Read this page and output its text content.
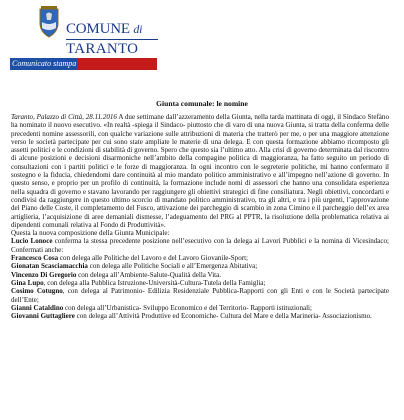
COMUNE di
TARANTO
Comunicato stampa
Giunta comunale: le nomine

Taranto, Palazzo di Città, 28.11.2016 A due settimane dall’azzeramento della Giunta, nella tarda mattinata di oggi, il Sindaco Stefàno ha nominato il nuovo esecutivo. «In realtà -spiega il Sindaco- piuttosto che di varo di una nuova Giunta, si tratta della conferma delle precedenti nomine assessorili, con qualche variazione sulle attribuzioni di materia che tratterò per me, o per una maggiore attenzione verso le società partecipate per cui sono state ampliate le materie di una delega. E con questa formazione abbiamo ricomposto gli assetti politici e le condizioni di stabilità di governo. Spero che questo sia l’ultimo atto. Alla crisi di governo determinata dal riscontro di alcune posizioni e decisioni disarmoniche nell’ambito della compagine politica di maggioranza, ha fatto seguito un periodo di consultazioni con i partiti politici e le forze di maggioranza. In ogni incontro con le segreterie politiche, mi hanno confermato il sostegno e la fiducia, chiedendomi dare continuità al mio mandato politico amministrativo e all’impegno nell’azione di governo. In questo senso, e proprio per un profilo di continuità, la formazione include nomi di assessori che hanno una consolidata esperienza nella squadra di governo e stavano lavorando per raggiungere gli obiettivi strategici di fine consiliatura. Negli obiettivi, concordarti e condivisi da raggiungere in questo ultimo scorcio di mandato politico amministrativo, tra gli altri, e tra i più urgenti, l’approvazione del Piano delle Coste, il completamento del Fusco, attivazione dei parcheggio di scambio in zona Cimino e il parcheggio dell’ex area artiglieria, l’acquisizione di aree demaniali dismesse, l’adeguamento del PRG al PPTR, la risoluzione della problematica relativa ai dipendenti comunali relativa al Fondo di Produttività».

Questa la nuova composizione della Giunta Municipale:

Lucio Lonoce conferma la stessa precedente posizione nell’esecutivo con la delega ai Lavori Pubblici e la nomina di Vicesindaco; Confermati anche:

Francesco Cosa con delega alle Politiche del Lavoro e del Lavoro Giovanile-Sport;

Gionatan Scasciamacchia con delega alle Politiche Sociali e all’Emergenza Abitativa;

Vincenzo Di Gregorio con delega all’Ambiente-Salute-Qualità della Vita.

Gina Lupo, con delega alla Pubblica Istruzione-Università-Cultura-Tutela della Famiglia;

Cosimo Cotugno, con delega al Patrimonio- Edilizia Residenziale Pubblica-Rapporti con gli Enti e con le Società partecipate dell’Ente;

Gianni Cataldino con delega all’Urbanistica- Sviluppo Economico e del Territorio- Rapporti istituzionali;

Giovanni Guttagliere con delega all’Attività Produttive ed Economiche- Cultura del Mare e della Marineria- Associazionismo.
